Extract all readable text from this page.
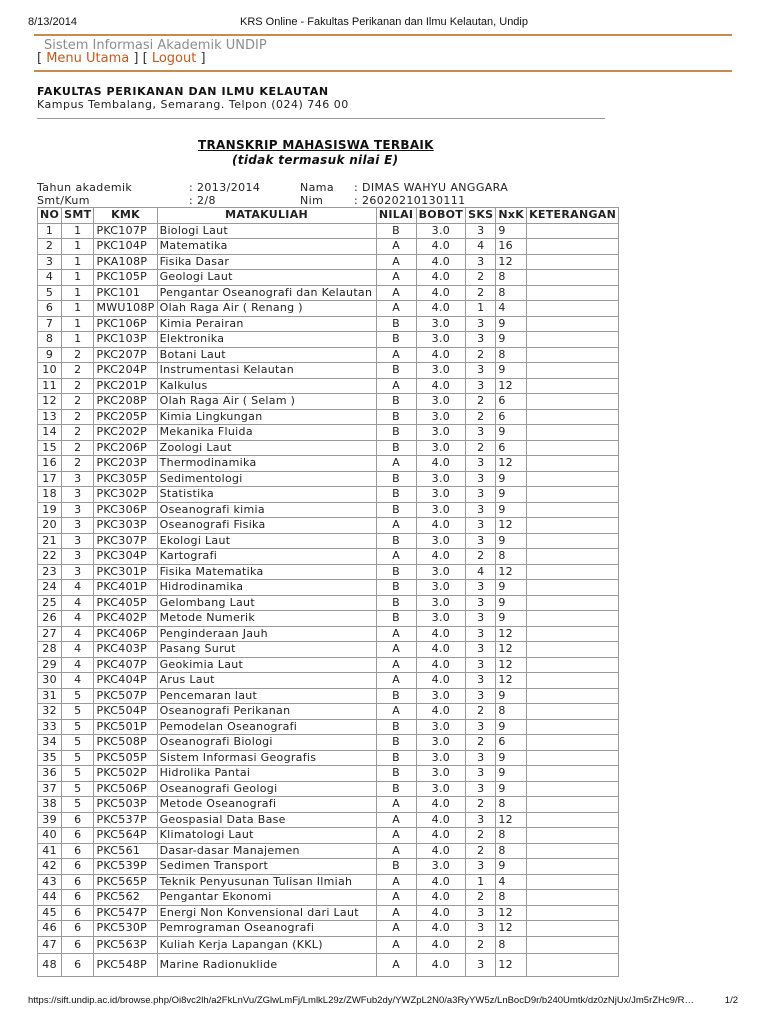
8/13/2014	KRS Online - Fakultas Perikanan dan Ilmu Kelautan, Undip
Sistem Informasi Akademik UNDIP
[ Menu Utama ] [ Logout ]
FAKULTAS PERIKANAN DAN ILMU KELAUTAN
Kampus Tembalang, Semarang. Telpon (024) 746 00
TRANSKRIP MAHASISWA TERBAIK
(tidak termasuk nilai E)
Tahun akademik	: 2013/2014	Nama : DIMAS WAHYU ANGGARA
Smt/Kum	: 2/8	Nim	: 26020210130111
NO	SMT	KMK	MATAKULIAH	NILAI	BOBOT	SKS	NxK	KETERANGAN
1	1	PKC107P	Biologi Laut	B	3.0	3	9	
2	1	PKC104P	Matematika	A	4.0	4	16	
3	1	PKA108P	Fisika Dasar	A	4.0	3	12	
4	1	PKC105P	Geologi Laut	A	4.0	2	8	
5	1	PKC101	Pengantar Oseanografi dan Kelautan	A	4.0	2	8	
6	1	MWU108P	Olah Raga Air ( Renang )	A	4.0	1	4	
7	1	PKC106P	Kimia Perairan	B	3.0	3	9	
8	1	PKC103P	Elektronika	B	3.0	3	9	
9	2	PKC207P	Botani Laut	A	4.0	2	8	
10	2	PKC204P	Instrumentasi Kelautan	B	3.0	3	9	
11	2	PKC201P	Kalkulus	A	4.0	3	12	
12	2	PKC208P	Olah Raga Air ( Selam )	B	3.0	2	6	
13	2	PKC205P	Kimia Lingkungan	B	3.0	2	6	
14	2	PKC202P	Mekanika Fluida	B	3.0	3	9	
15	2	PKC206P	Zoologi Laut	B	3.0	2	6	
16	2	PKC203P	Thermodinamika	A	4.0	3	12	
17	3	PKC305P	Sedimentologi	B	3.0	3	9	
18	3	PKC302P	Statistika	B	3.0	3	9	
19	3	PKC306P	Oseanografi kimia	B	3.0	3	9	
20	3	PKC303P	Oseanografi Fisika	A	4.0	3	12	
21	3	PKC307P	Ekologi Laut	B	3.0	3	9	
22	3	PKC304P	Kartografi	A	4.0	2	8	
23	3	PKC301P	Fisika Matematika	B	3.0	4	12	
24	4	PKC401P	Hidrodinamika	B	3.0	3	9	
25	4	PKC405P	Gelombang Laut	B	3.0	3	9	
26	4	PKC402P	Metode Numerik	B	3.0	3	9	
27	4	PKC406P	Penginderaan Jauh	A	4.0	3	12	
28	4	PKC403P	Pasang Surut	A	4.0	3	12	
29	4	PKC407P	Geokimia Laut	A	4.0	3	12	
30	4	PKC404P	Arus Laut	A	4.0	3	12	
31	5	PKC507P	Pencemaran laut	B	3.0	3	9	
32	5	PKC504P	Oseanografi Perikanan	A	4.0	2	8	
33	5	PKC501P	Pemodelan Oseanografi	B	3.0	3	9	
34	5	PKC508P	Oseanografi Biologi	B	3.0	2	6	
35	5	PKC505P	Sistem Informasi Geografis	B	3.0	3	9	
36	5	PKC502P	Hidrolika Pantai	B	3.0	3	9	
37	5	PKC506P	Oseanografi Geologi	B	3.0	3	9	
38	5	PKC503P	Metode Oseanografi	A	4.0	2	8	
39	6	PKC537P	Geospasial Data Base	A	4.0	3	12	
40	6	PKC564P	Klimatologi Laut	A	4.0	2	8	
41	6	PKC561	Dasar-dasar Manajemen	A	4.0	2	8	
42	6	PKC539P	Sedimen Transport	B	3.0	3	9	
43	6	PKC565P	Teknik Penyusunan Tulisan Ilmiah	A	4.0	1	4	
44	6	PKC562	Pengantar Ekonomi	A	4.0	2	8	
45	6	PKC547P	Energi Non Konvensional dari Laut	A	4.0	3	12	
46	6	PKC530P	Pemrograman Oseanografi	A	4.0	3	12	
47	6	PKC563P	Kuliah Kerja Lapangan (KKL)	A	4.0	2	8	
48	6	PKC548P	Marine Radionuklide	A	4.0	3	12	
https://sift.undip.ac.id/browse.php/Oi8vc2lh/a2FkLnVu/ZGlwLmFj/LmlkL29z/ZWFub2dy/YWZpL2N0/a3RyYW5z/LnBocD9r/b240Umtk/dz0zNjUx/Jm5rZHc9/R…	1/2
